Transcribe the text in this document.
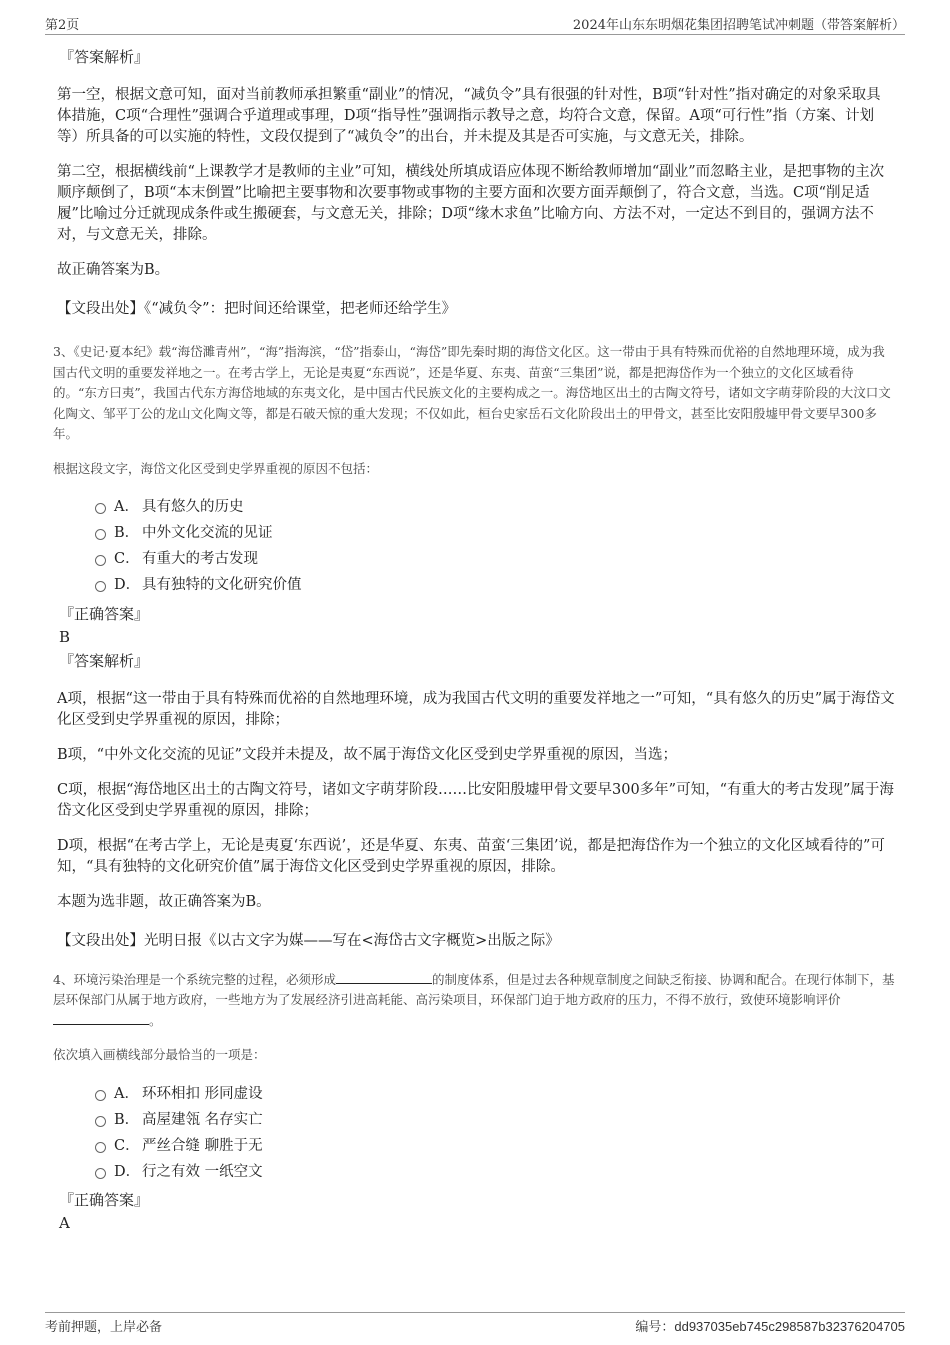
第2页	2024年山东东明烟花集团招聘笔试冲刺题（带答案解析）
『答案解析』

第一空，根据文意可知，面对当前教师承担繁重“副业”的情况，“减负令”具有很强的针对性，B项“针对性”指对确定的对象采取具体措施，C项“合理性”强调合乎道理或事理，D项“指导性”强调指示教导之意，均符合文意，保留。A项“可行性”指（方案、计划等）所具备的可以实施的特性，文段仅提到了“减负令”的出台，并未提及其是否可实施，与文意无关，排除。

第二空，根据横线前“上课教学才是教师的主业”可知，横线处所填成语应体现不断给教师增加“副业”而忽略主业，是把事物的主次顺序颠倒了，B项“本末倒置”比喻把主要事物和次要事物或事物的主要方面和次要方面弄颠倒了，符合文意，当选。C项“削足适履”比喻过分迁就现成条件或生搬硬套，与文意无关，排除；D项“缘木求鱼”比喻方向、方法不对，一定达不到目的，强调方法不对，与文意无关，排除。

故正确答案为B。

【文段出处】《“减负令”：把时间还给课堂，把老师还给学生》

3、《史记·夏本纪》载“海岱濉青州”，“海”指海滨，“岱”指泰山，“海岱”即先秦时期的海岱文化区。这一带由于具有特殊而优裕的自然地理环境，成为我国古代文明的重要发祥地之一。在考古学上，无论是夷夏“东西说”，还是华夏、东夷、苗蛮“三集团”说，都是把海岱作为一个独立的文化区域看待的。“东方曰夷”，我国古代东方海岱地域的东夷文化，是中国古代民族文化的主要构成之一。海岱地区出土的古陶文符号，诸如文字萌芽阶段的大汶口文化陶文、邹平丁公的龙山文化陶文等，都是石破天惊的重大发现；不仅如此，桓台史家岳石文化阶段出土的甲骨文，甚至比安阳殷墟甲骨文要早300多年。

根据这段文字，海岱文化区受到史学界重视的原因不包括：

A． 具有悠久的历史
B． 中外文化交流的见证
C． 有重大的考古发现
D． 具有独特的文化研究价值
『正确答案』
B
『答案解析』

A项，根据“这一带由于具有特殊而优裕的自然地理环境，成为我国古代文明的重要发祥地之一”可知，“具有悠久的历史”属于海岱文化区受到史学界重视的原因，排除；

B项，“中外文化交流的见证”文段并未提及，故不属于海岱文化区受到史学界重视的原因，当选；

C项，根据“海岱地区出土的古陶文符号，诸如文字萌芽阶段……比安阳殷墟甲骨文要早300多年”可知，“有重大的考古发现”属于海岱文化区受到史学界重视的原因，排除；

D项，根据“在考古学上，无论是夷夏‘东西说’，还是华夏、东夷、苗蛮‘三集团’说，都是把海岱作为一个独立的文化区域看待的”可知，“具有独特的文化研究价值”属于海岱文化区受到史学界重视的原因，排除。

本题为选非题，故正确答案为B。

【文段出处】光明日报《以古文字为媒——写在<海岱古文字概览>出版之际》

4、环境污染治理是一个系统完整的过程，必须形成	的制度体系，但是过去各种规章制度之间缺乏衔接、协调和配合。在现行体制下，基层环保部门从属于地方政府，一些地方为了发展经济引进高耗能、高污染项目，环保部门迫于地方政府的压力，不得不放行，致使环境影响评价。

依次填入画横线部分最恰当的一项是：

A． 环环相扣 形同虚设
B． 高屋建瓴 名存实亡
C． 严丝合缝 聊胜于无
D． 行之有效 一纸空文
『正确答案』
A
考前押题，上岸必备	编号：dd937035eb745c298587b32376204705
